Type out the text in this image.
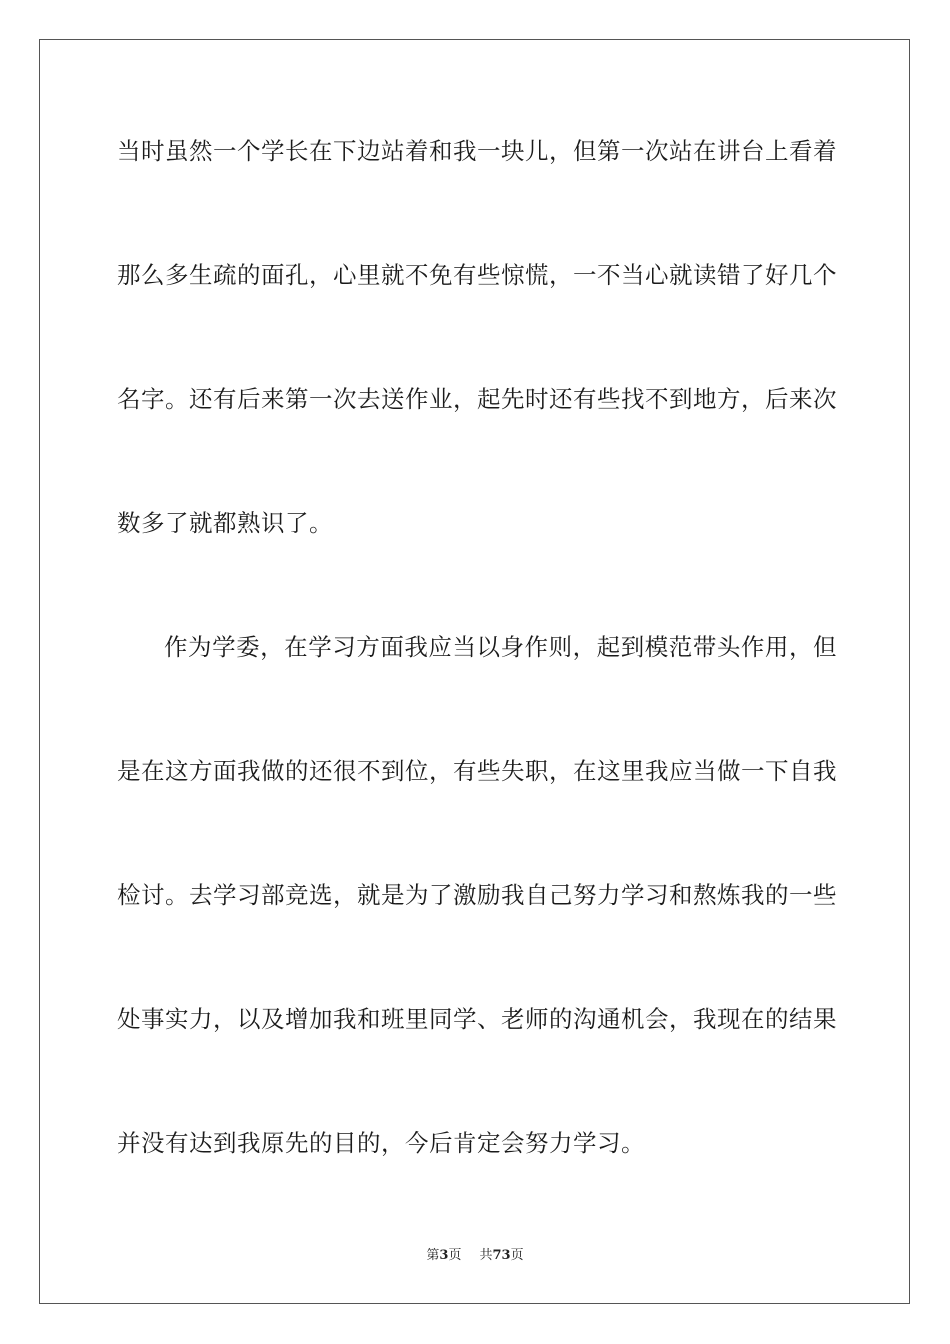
当时虽然一个学长在下边站着和我一块儿，但第一次站在讲台上看着
那么多生疏的面孔，心里就不免有些惊慌，一不当心就读错了好几个
名字。还有后来第一次去送作业，起先时还有些找不到地方，后来次
数多了就都熟识了。
作为学委，在学习方面我应当以身作则，起到模范带头作用，但
是在这方面我做的还很不到位，有些失职，在这里我应当做一下自我
检讨。去学习部竞选，就是为了激励我自己努力学习和熬炼我的一些
处事实力，以及增加我和班里同学、老师的沟通机会，我现在的结果
并没有达到我原先的目的，今后肯定会努力学习。
第3页 共73页
